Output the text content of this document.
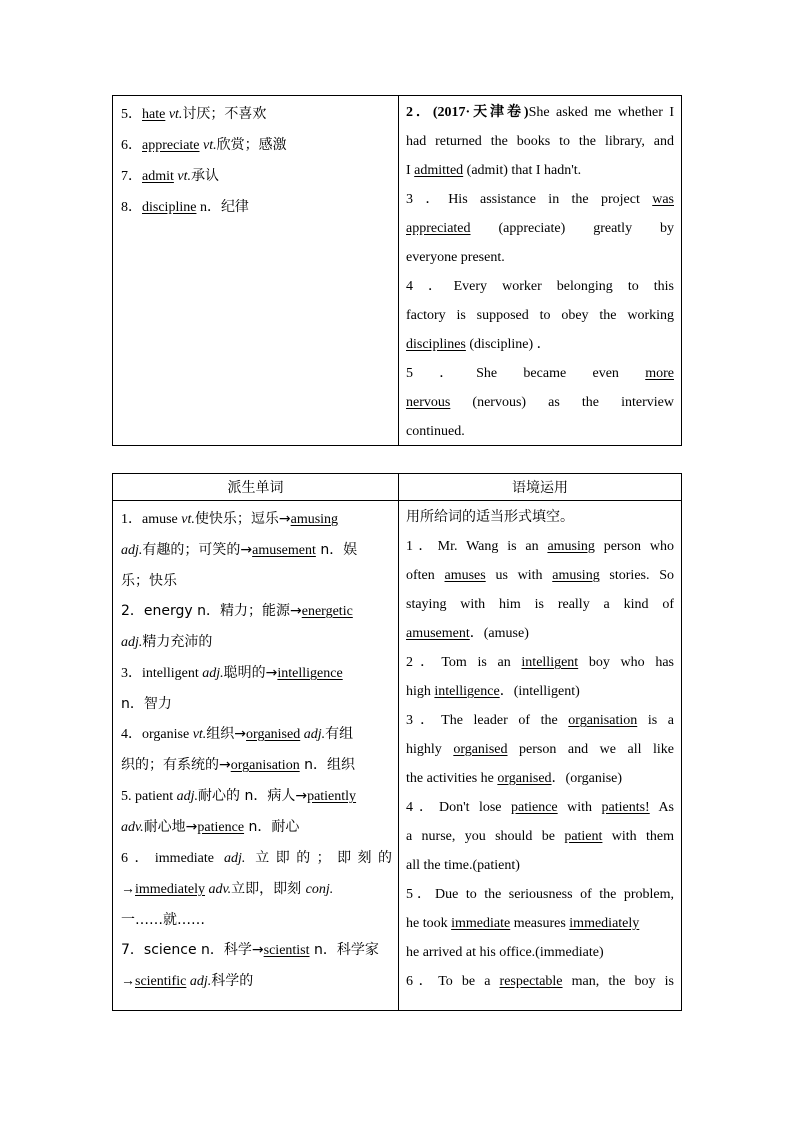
5．hate vt.讨厌；不喜欢
6．appreciate vt.欣赏；感激
7．admit vt.承认
8．discipline n．纪律
2．(2017·天津卷)She asked me whether I
had returned the books to the library, and
I admitted (admit) that I hadn't.
3 ．His assistance in the project was
appreciated (appreciate) greatly by
everyone present.
4 ．Every worker belonging to this
factory is supposed to obey the working
disciplines (discipline) ．
5 ．She became even more
nervous (nervous) as the interview
continued.
派生单词	语境运用
1．amuse vt.使快乐；逗乐→amusing
adj.有趣的；可笑的→amusement n．娱
乐；快乐
2．energy n．精力；能源→energetic
adj.精力充沛的
3．intelligent adj.聪明的→intelligence
n．智力
4．organise vt.组织→organised adj.有组
织的；有系统的→organisation n．组织
5. patient adj.耐心的 n．病人→patiently
adv.耐心地→patience n．耐心
6．immediate adj. 立即的；即刻的
→immediately adv.立即，即刻 conj.
一……就……
7．science n．科学→scientist n．科学家
→scientific adj.科学的
用所给词的适当形式填空。
1．Mr. Wang is an amusing person who
often amuses us with amusing stories. So
staying with him is really a kind of
amusement．(amuse)
2．Tom is an intelligent boy who has
high intelligence．(intelligent)
3．The leader of the organisation is a
highly organised person and we all like
the activities he organised．(organise)
4．Don't lose patience with patients! As
a nurse, you should be patient with them
all the time.(patient)
5．Due to the seriousness of the problem,
he took immediate measures immediately
he arrived at his office.(immediate)
6．To be a respectable man, the boy is
